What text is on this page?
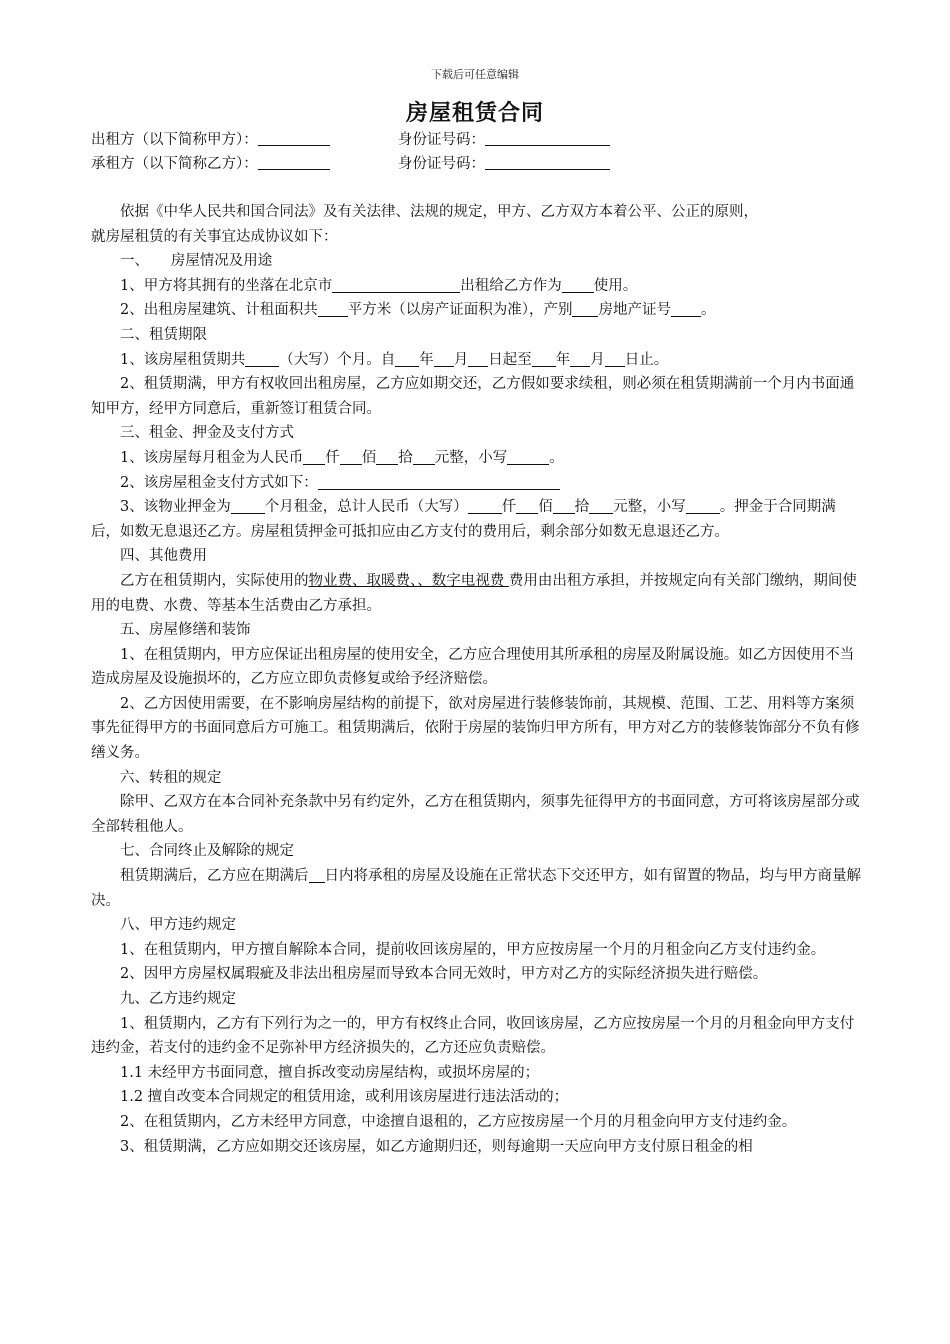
下载后可任意编辑
房屋租赁合同
出租方（以下简称甲方）：	身份证号码：
承租方（以下简称乙方）：	身份证号码：

依据《中华人民共和国合同法》及有关法律、法规的规定，甲方、乙方双方本着公平、公正的原则，

就房屋租赁的有关事宜达成协议如下：

一、　　房屋情况及用途

1、甲方将其拥有的坐落在北京市	出租给乙方作为 使用。

2、出租房屋建筑、计租面积共 平方米（以房产证面积为准），产别 房地产证号 。

二、租赁期限

1、该房屋租赁期共 （大写）个月。自 年 月 日起至 年 月 日止。

2、租赁期满，甲方有权收回出租房屋，乙方应如期交还，乙方假如要求续租，则必须在租赁期满前一个月内书面通知甲方，经甲方同意后，重新签订租赁合同。

三、租金、押金及支付方式

1、该房屋每月租金为人民币 仟 佰 拾 元整，小写	。

2、该房屋租金支付方式如下：

3、该物业押金为 个月租金，总计人民币（大写） 仟 佰 拾 元整，小写 。押金于合同期满后，如数无息退还乙方。房屋租赁押金可抵扣应由乙方支付的费用后，剩余部分如数无息退还乙方。

四、其他费用

乙方在租赁期内，实际使用的物业费、取暖费、、数字电视费 费用由出租方承担，并按规定向有关部门缴纳，期间使用的电费、水费、等基本生活费由乙方承担。

五、房屋修缮和装饰

1、在租赁期内，甲方应保证出租房屋的使用安全，乙方应合理使用其所承租的房屋及附属设施。如乙方因使用不当造成房屋及设施损坏的，乙方应立即负责修复或给予经济赔偿。

2、乙方因使用需要，在不影响房屋结构的前提下，欲对房屋进行装修装饰前，其规模、范围、工艺、用料等方案须事先征得甲方的书面同意后方可施工。租赁期满后，依附于房屋的装饰归甲方所有，甲方对乙方的装修装饰部分不负有修缮义务。

六、转租的规定

除甲、乙双方在本合同补充条款中另有约定外，乙方在租赁期内，须事先征得甲方的书面同意，方可将该房屋部分或全部转租他人。

七、合同终止及解除的规定

租赁期满后，乙方应在期满后 日内将承租的房屋及设施在正常状态下交还甲方，如有留置的物品，均与甲方商量解决。

八、甲方违约规定

1、在租赁期内，甲方擅自解除本合同，提前收回该房屋的，甲方应按房屋一个月的月租金向乙方支付违约金。

2、因甲方房屋权属瑕疵及非法出租房屋而导致本合同无效时，甲方对乙方的实际经济损失进行赔偿。

九、乙方违约规定

1、租赁期内，乙方有下列行为之一的，甲方有权终止合同，收回该房屋，乙方应按房屋一个月的月租金向甲方支付违约金，若支付的违约金不足弥补甲方经济损失的，乙方还应负责赔偿。

1.1 未经甲方书面同意，擅自拆改变动房屋结构，或损坏房屋的；

1.2 擅自改变本合同规定的租赁用途，或利用该房屋进行违法活动的；

2、在租赁期内，乙方未经甲方同意，中途擅自退租的，乙方应按房屋一个月的月租金向甲方支付违约金。

3、租赁期满，乙方应如期交还该房屋，如乙方逾期归还，则每逾期一天应向甲方支付原日租金的相
